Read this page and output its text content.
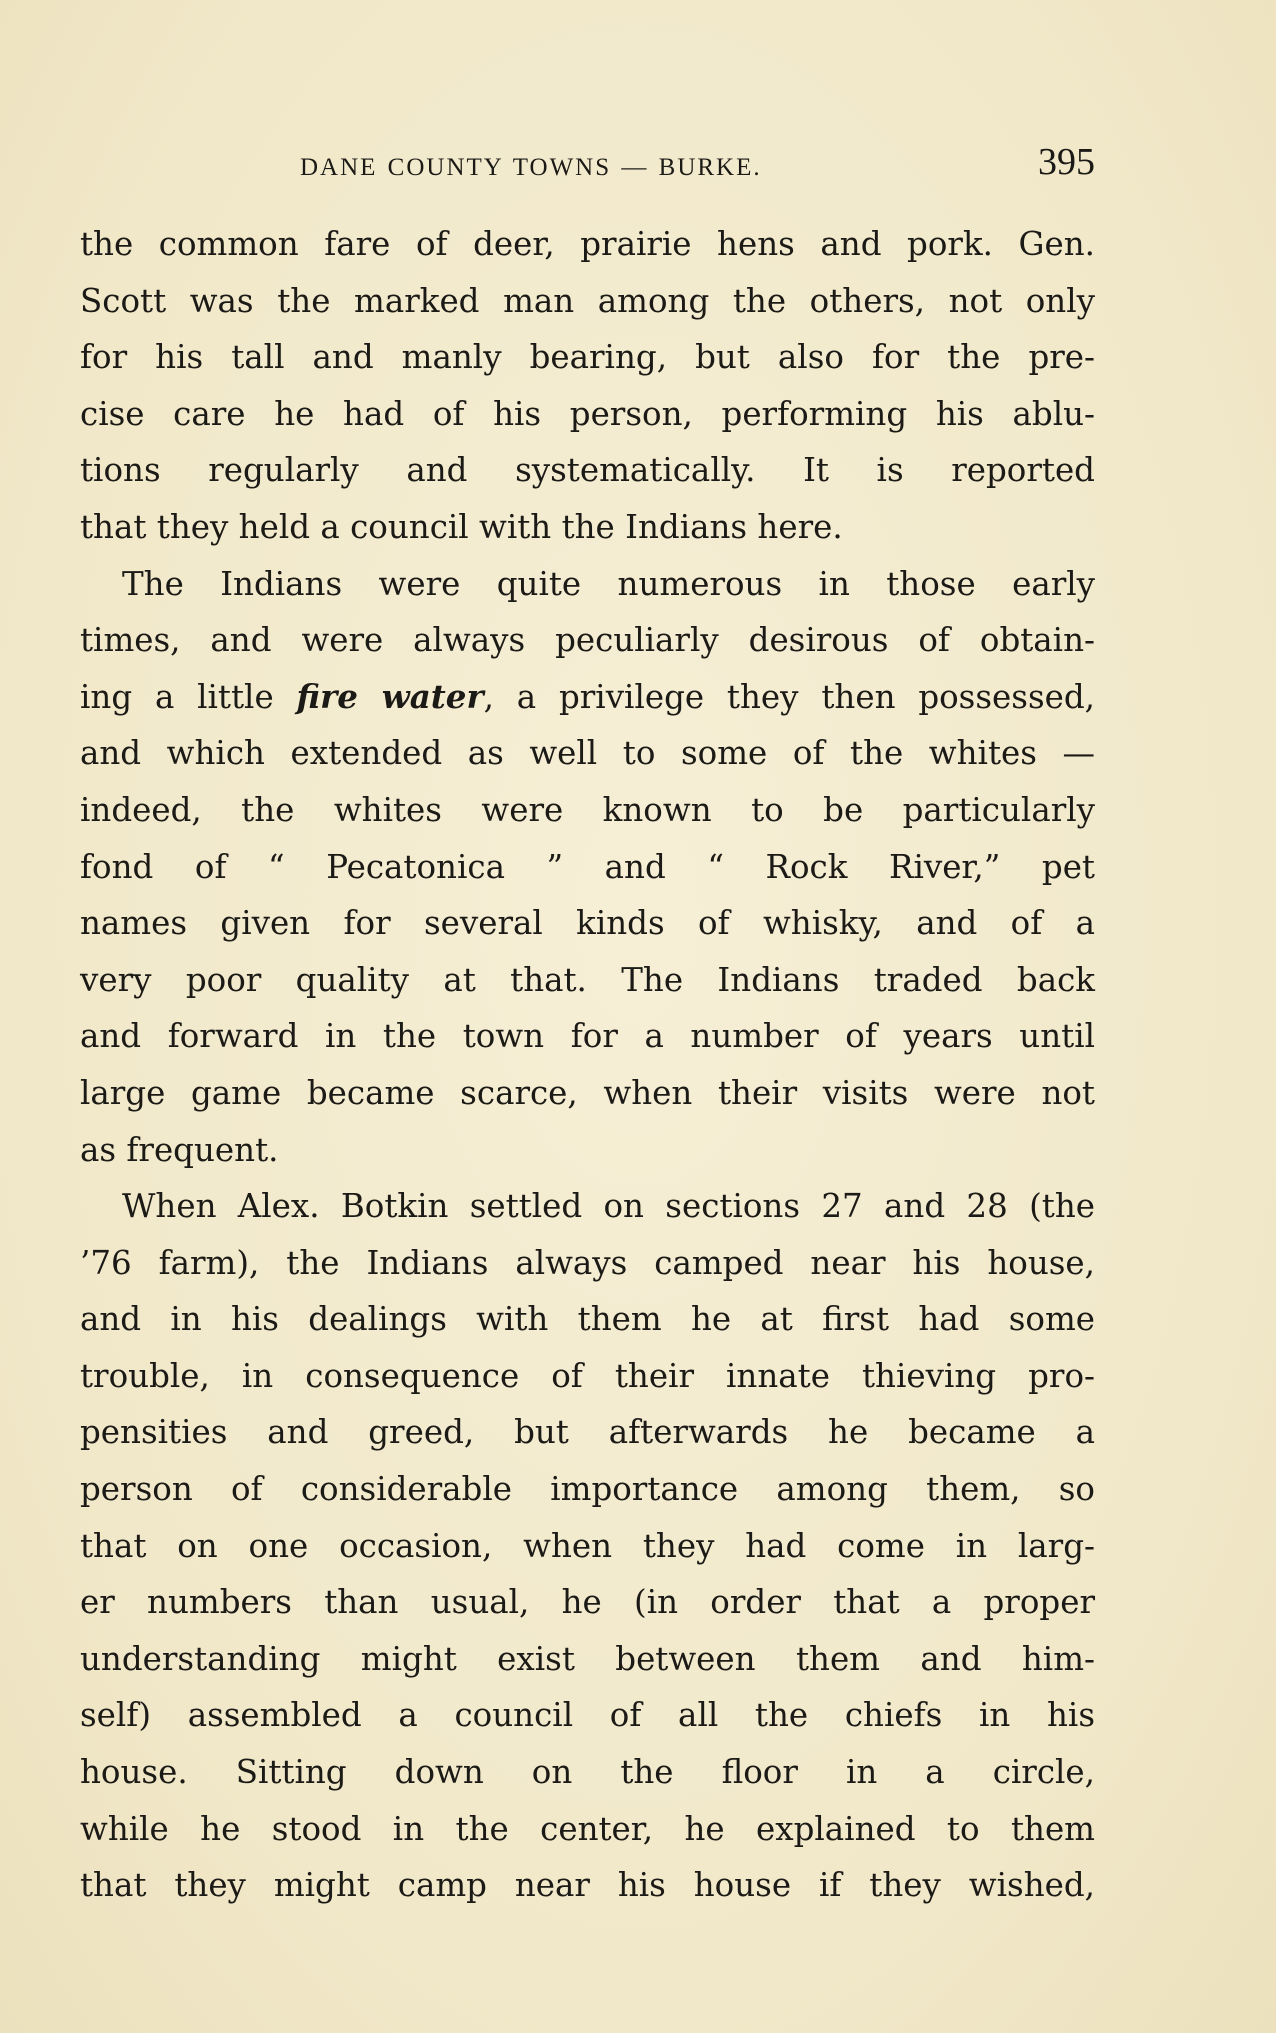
DANE COUNTY TOWNS — BURKE.	395
the common fare of deer, prairie hens and pork. Gen.
Scott was the marked man among the others, not only
for his tall and manly bearing, but also for the pre-
cise care he had of his person, performing his ablu-
tions regularly and systematically. It is reported
that they held a council with the Indians here.
The Indians were quite numerous in those early
times, and were always peculiarly desirous of obtain-
ing a little fire water, a privilege they then possessed,
and which extended as well to some of the whites —
indeed, the whites were known to be particularly
fond of “ Pecatonica ” and “ Rock River,” pet
names given for several kinds of whisky, and of a
very poor quality at that. The Indians traded back
and forward in the town for a number of years until
large game became scarce, when their visits were not
as frequent.
When Alex. Botkin settled on sections 27 and 28 (the
’76 farm), the Indians always camped near his house,
and in his dealings with them he at first had some
trouble, in consequence of their innate thieving pro-
pensities and greed, but afterwards he became a
person of considerable importance among them, so
that on one occasion, when they had come in larg-
er numbers than usual, he (in order that a proper
understanding might exist between them and him-
self) assembled a council of all the chiefs in his
house. Sitting down on the floor in a circle,
while he stood in the center, he explained to them
that they might camp near his house if they wished,
